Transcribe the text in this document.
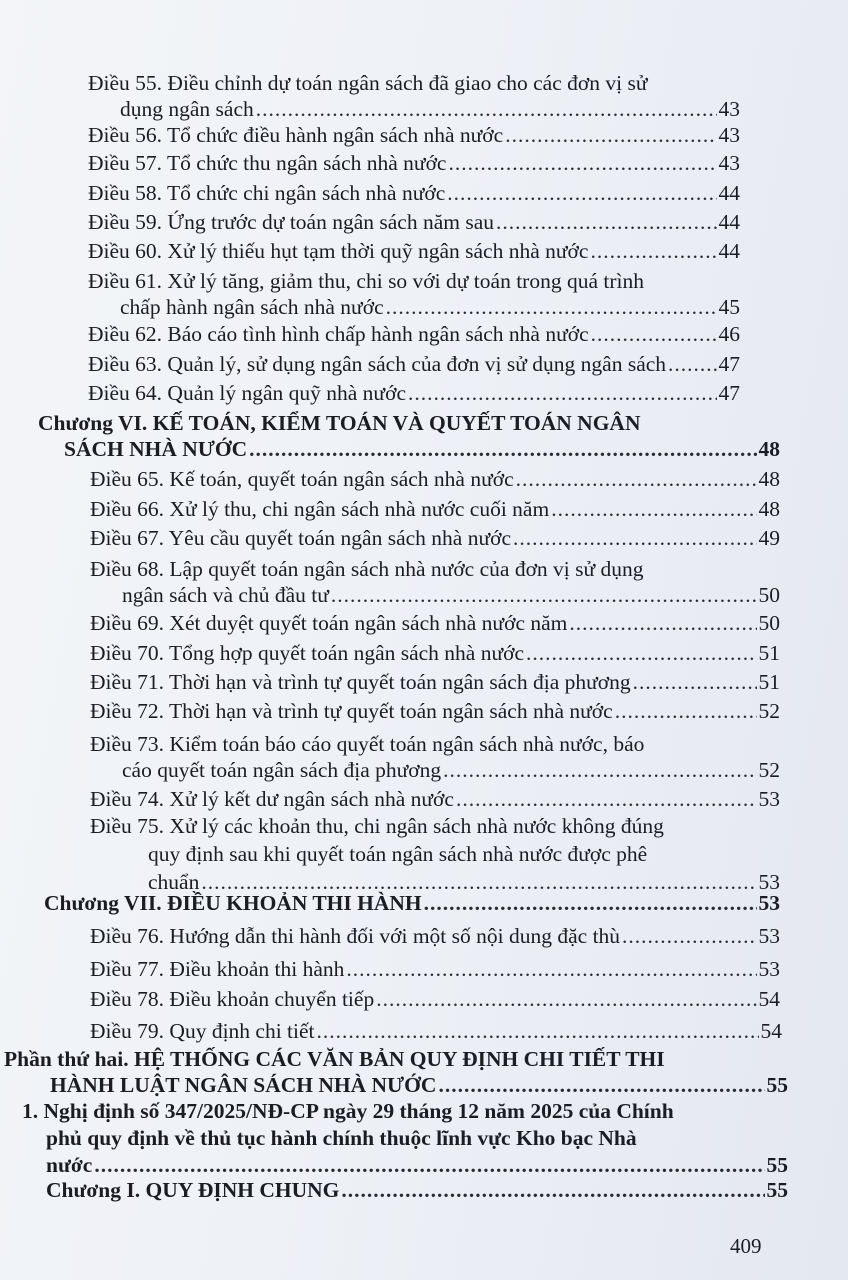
Điều 55. Điều chỉnh dự toán ngân sách đã giao cho các đơn vị sử
dụng ngân sách .....	43
Điều 56. Tổ chức điều hành ngân sách nhà nước .....	43
Điều 57. Tổ chức thu ngân sách nhà nước .....	43
Điều 58. Tổ chức chi ngân sách nhà nước .....	44
Điều 59. Ứng trước dự toán ngân sách năm sau .....	44
Điều 60. Xử lý thiếu hụt tạm thời quỹ ngân sách nhà nước .....	44
Điều 61. Xử lý tăng, giảm thu, chi so với dự toán trong quá trình
chấp hành ngân sách nhà nước .....	45
Điều 62. Báo cáo tình hình chấp hành ngân sách nhà nước .....	46
Điều 63. Quản lý, sử dụng ngân sách của đơn vị sử dụng ngân sách ..... 47
Điều 64. Quản lý ngân quỹ nhà nước .....	47
Chương VI. KẾ TOÁN, KIỂM TOÁN VÀ QUYẾT TOÁN NGÂN
SÁCH NHÀ NƯỚC .....	48
Điều 65. Kế toán, quyết toán ngân sách nhà nước .....	48
Điều 66. Xử lý thu, chi ngân sách nhà nước cuối năm .....	48
Điều 67. Yêu cầu quyết toán ngân sách nhà nước .....	49
Điều 68. Lập quyết toán ngân sách nhà nước của đơn vị sử dụng
ngân sách và chủ đầu tư .....	50
Điều 69. Xét duyệt quyết toán ngân sách nhà nước năm .....	50
Điều 70. Tổng hợp quyết toán ngân sách nhà nước .....	51
Điều 71. Thời hạn và trình tự quyết toán ngân sách địa phương .....	51
Điều 72. Thời hạn và trình tự quyết toán ngân sách nhà nước .....	52
Điều 73. Kiểm toán báo cáo quyết toán ngân sách nhà nước, báo
cáo quyết toán ngân sách địa phương .....	52
Điều 74. Xử lý kết dư ngân sách nhà nước .....	53
Điều 75. Xử lý các khoản thu, chi ngân sách nhà nước không đúng
quy định sau khi quyết toán ngân sách nhà nước được phê
chuẩn .....	53
Chương VII. ĐIỀU KHOẢN THI HÀNH .....	53
Điều 76. Hướng dẫn thi hành đối với một số nội dung đặc thù .....	53
Điều 77. Điều khoản thi hành .....	53
Điều 78. Điều khoản chuyển tiếp .....	54
Điều 79. Quy định chi tiết .....	54
Phần thứ hai. HỆ THỐNG CÁC VĂN BẢN QUY ĐỊNH CHI TIẾT THI
HÀNH LUẬT NGÂN SÁCH NHÀ NƯỚC .....	55
1. Nghị định số 347/2025/NĐ-CP ngày 29 tháng 12 năm 2025 của Chính
phủ quy định về thủ tục hành chính thuộc lĩnh vực Kho bạc Nhà
nước .....	55
Chương I. QUY ĐỊNH CHUNG .....	55
409
